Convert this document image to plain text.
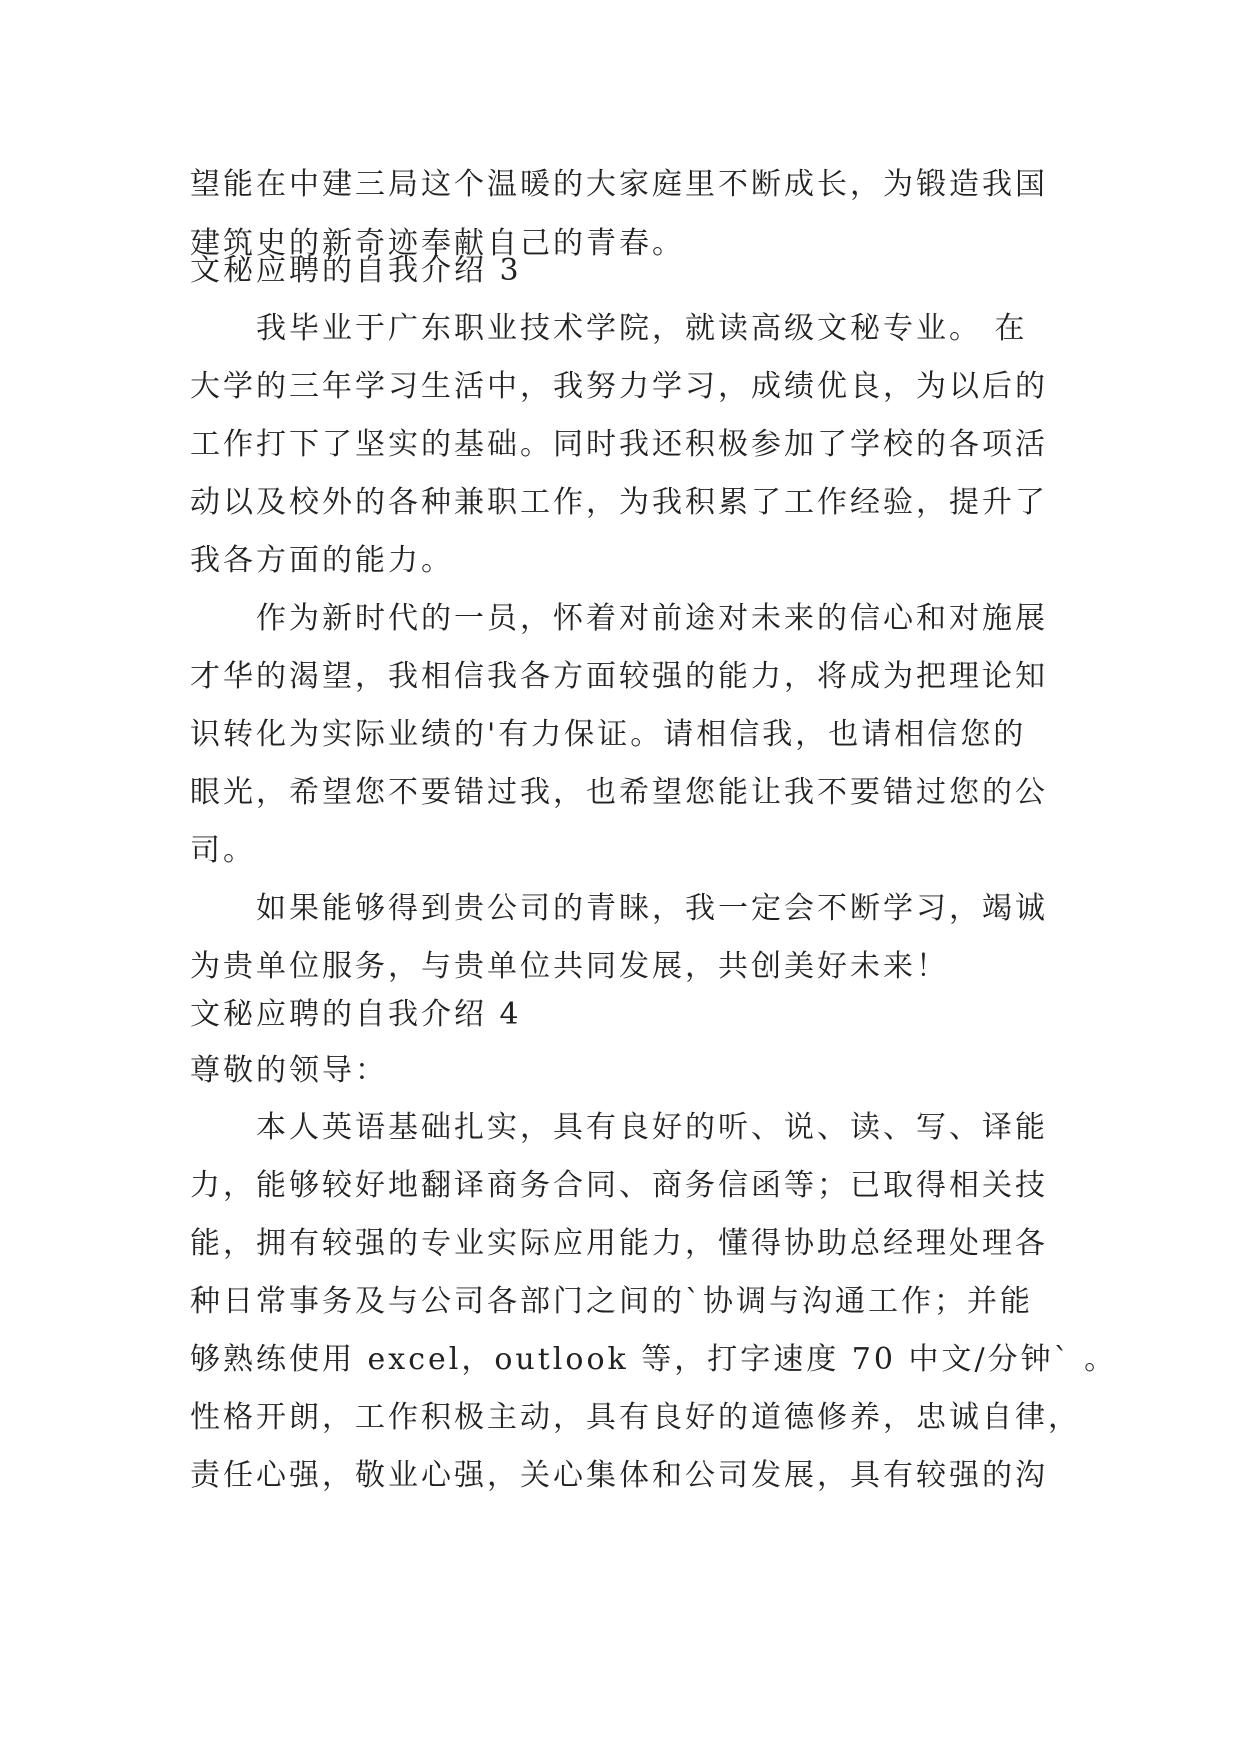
望能在中建三局这个温暖的大家庭里不断成长，为锻造我国
建筑史的新奇迹奉献自己的青春。
文秘应聘的自我介绍 3
我毕业于广东职业技术学院，就读高级文秘专业。 在
大学的三年学习生活中，我努力学习，成绩优良，为以后的
工作打下了坚实的基础。同时我还积极参加了学校的各项活
动以及校外的各种兼职工作，为我积累了工作经验，提升了
我各方面的能力。
作为新时代的一员，怀着对前途对未来的信心和对施展
才华的渴望，我相信我各方面较强的能力，将成为把理论知
识转化为实际业绩的'有力保证。请相信我，也请相信您的
眼光，希望您不要错过我，也希望您能让我不要错过您的公
司。
如果能够得到贵公司的青睐，我一定会不断学习，竭诚
为贵单位服务，与贵单位共同发展，共创美好未来！
文秘应聘的自我介绍 4
尊敬的领导：
本人英语基础扎实，具有良好的听、说、读、写、译能
力，能够较好地翻译商务合同、商务信函等；已取得相关技
能，拥有较强的专业实际应用能力，懂得协助总经理处理各
种日常事务及与公司各部门之间的`协调与沟通工作；并能
够熟练使用 excel，outlook 等，打字速度 70 中文/分钟` 。
性格开朗，工作积极主动，具有良好的道德修养，忠诚自律，
责任心强，敬业心强，关心集体和公司发展，具有较强的沟
